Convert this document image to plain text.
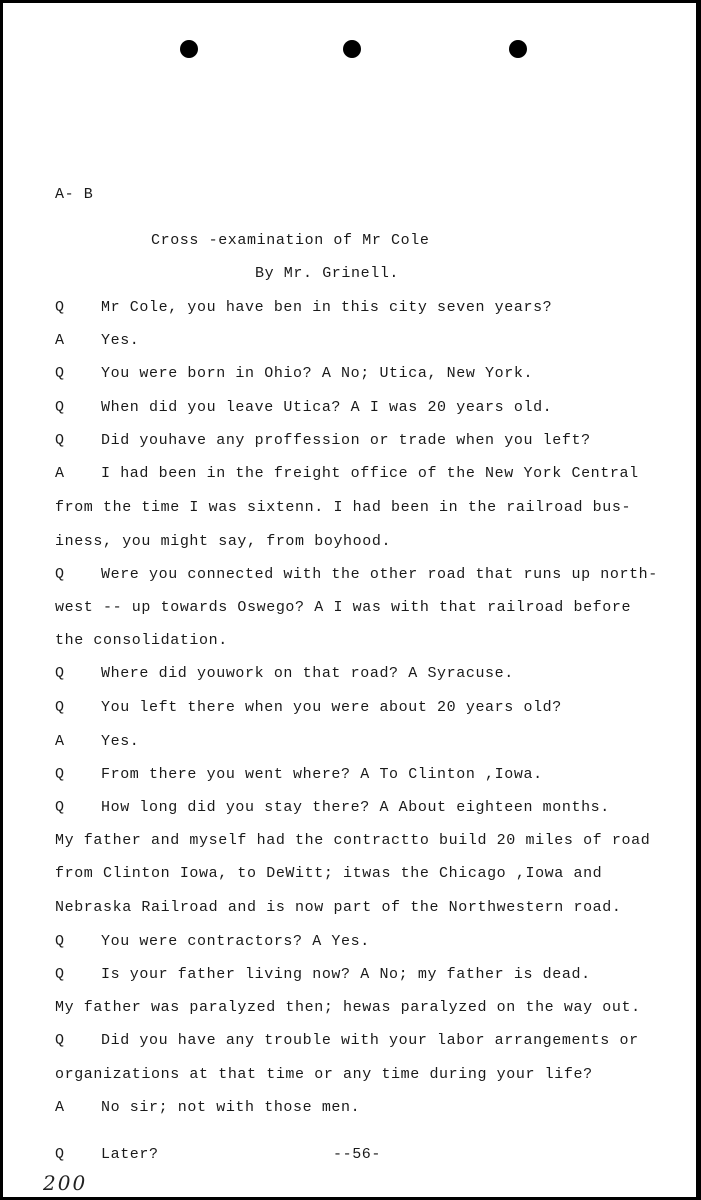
A- B
Cross -examination of Mr Cole
By Mr. Grinell.
Q Mr Cole, you have ben in this city seven years?
A Yes.
Q You were born in Ohio? A No; Utica, New York.
Q When did you leave Utica? A I was 20 years old.
Q Did youhave any proffession or trade when you left?
A I had been in the freight office of the New York Central
from the time I was sixtenn. I had been in the railroad bus-
iness, you might say, from boyhood.
Q Were you connected with the other road that runs up north-
west -- up towards Oswego? A I was with that railroad before
the consolidation.
Q Where did youwork on that road? A Syracuse.
Q You left there when you were about 20 years old?
A Yes.
Q From there you went where? A To Clinton ,Iowa.
Q How long did you stay there? A About eighteen months.
My father and myself had the contractto build 20 miles of road
from Clinton Iowa, to DeWitt; itwas the Chicago ,Iowa and
Nebraska Railroad and is now part of the Northwestern road.
Q You were contractors? A Yes.
Q Is your father living now? A No; my father is dead.
My father was paralyzed then; hewas paralyzed on the way out.
Q Did you have any trouble with your labor arrangements or
organizations at that time or any time during your life?
A No sir; not with those men.
Q Later?	--56-
200
